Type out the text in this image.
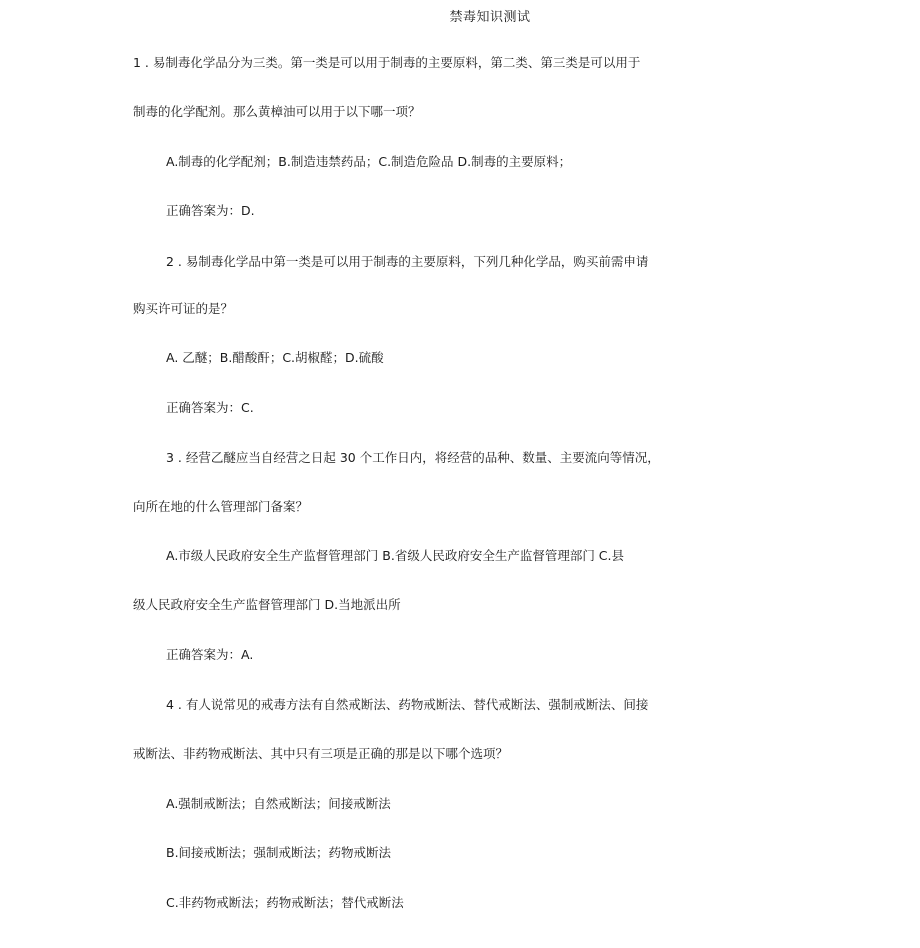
禁毒知识测试
1 . 易制毒化学品分为三类。第一类是可以用于制毒的主要原料，第二类、第三类是可以用于
制毒的化学配剂。那么黄樟油可以用于以下哪一项？
A.制毒的化学配剂；B.制造违禁药品；C.制造危险品 D.制毒的主要原料；
正确答案为：D.
2 . 易制毒化学品中第一类是可以用于制毒的主要原料，下列几种化学品，购买前需申请
购买许可证的是？
A. 乙醚；B.醋酸酐；C.胡椒醛；D.硫酸
正确答案为：C.
3 . 经营乙醚应当自经营之日起 30 个工作日内，将经营的品种、数量、主要流向等情况，
向所在地的什么管理部门备案？
A.市级人民政府安全生产监督管理部门 B.省级人民政府安全生产监督管理部门 C.县
级人民政府安全生产监督管理部门 D.当地派出所
正确答案为：A.
4 . 有人说常见的戒毒方法有自然戒断法、药物戒断法、替代戒断法、强制戒断法、间接
戒断法、非药物戒断法、其中只有三项是正确的那是以下哪个选项？
A.强制戒断法；自然戒断法；间接戒断法
B.间接戒断法；强制戒断法；药物戒断法
C.非药物戒断法；药物戒断法；替代戒断法
